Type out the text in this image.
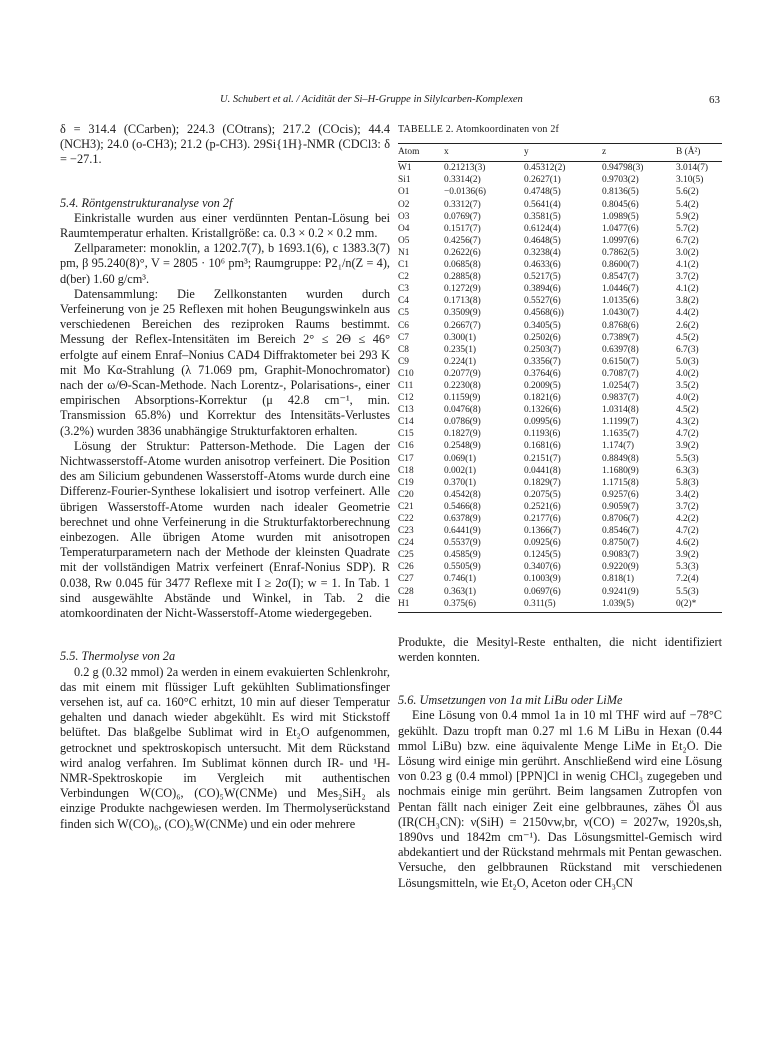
U. Schubert et al. / Acidität der Si–H-Gruppe in Silylcarben-Komplexen	63

δ = 314.4 (CCarben); 224.3 (COtrans); 217.2 (COcis); 44.4 (NCH3); 24.0 (o-CH3); 21.2 (p-CH3). 29Si{1H}-NMR (CDCl3: δ = −27.1.

5.4. Röntgenstrukturanalyse von 2f

Einkristalle wurden aus einer verdünnten Pentan-Lösung bei Raumtemperatur erhalten. Kristallgröße: ca. 0.3 × 0.2 × 0.2 mm.

Zellparameter: monoklin, a 1202.7(7), b 1693.1(6), c 1383.3(7) pm, β 95.240(8)°, V = 2805 · 10⁶ pm³; Raumgruppe: P2₁/n(Z = 4), d(ber) 1.60 g/cm³.

Datensammlung: Die Zellkonstanten wurden durch Verfeinerung von je 25 Reflexen mit hohen Beugungswinkeln aus verschiedenen Bereichen des reziproken Raums bestimmt. Messung der Reflex-Intensitäten im Bereich 2° ≤ 2Θ ≤ 46° erfolgte auf einem Enraf–Nonius CAD4 Diffraktometer bei 293 K mit Mo Kα-Strahlung (λ 71.069 pm, Graphit-Monochromator) nach der ω/Θ-Scan-Methode. Nach Lorentz-, Polarisations-, einer empirischen Absorptions-Korrektur (μ 42.8 cm⁻¹, min. Transmission 65.8%) und Korrektur des Intensitäts-Verlustes (3.2%) wurden 3836 unabhängige Strukturfaktoren erhalten.

Lösung der Struktur: Patterson-Methode. Die Lagen der Nichtwasserstoff-Atome wurden anisotrop verfeinert. Die Position des am Silicium gebundenen Wasserstoff-Atoms wurde durch eine Differenz-Fourier-Synthese lokalisiert und isotrop verfeinert. Alle übrigen Wasserstoff-Atome wurden nach idealer Geometrie berechnet und ohne Verfeinerung in die Strukturfaktorberechnung einbezogen. Alle übrigen Atome wurden mit anisotropen Temperaturparametern nach der Methode der kleinsten Quadrate mit der vollständigen Matrix verfeinert (Enraf-Nonius SDP). R 0.038, Rw 0.045 für 3477 Reflexe mit I ≥ 2σ(I); w = 1. In Tab. 1 sind ausgewählte Abstände und Winkel, in Tab. 2 die atomkoordinaten der Nicht-Wasserstoff-Atome wiedergegeben.

5.5. Thermolyse von 2a

0.2 g (0.32 mmol) 2a werden in einem evakuierten Schlenkrohr, das mit einem mit flüssiger Luft gekühlten Sublimationsfinger versehen ist, auf ca. 160°C erhitzt, 10 min auf dieser Temperatur gehalten und danach wieder abgekühlt. Es wird mit Stickstoff belüftet. Das blaßgelbe Sublimat wird in Et₂O aufgenommen, getrocknet und spektroskopisch untersucht. Mit dem Rückstand wird analog verfahren. Im Sublimat können durch IR- und ¹H-NMR-Spektroskopie im Vergleich mit authentischen Verbindungen W(CO)₆, (CO)₅W(CNMe) und Mes₂SiH₂ als einzige Produkte nachgewiesen werden. Im Thermolyserückstand finden sich W(CO)₆, (CO)₅W(CNMe) und ein oder mehrere

TABELLE 2. Atomkoordinaten von 2f
Atom	x	y	z	B (Å²)
W1	0.21213(3)	0.45312(2)	0.94798(3)	3.014(7)
Si1	0.3314(2)	0.2627(1)	0.9703(2)	3.10(5)
O1	−0.0136(6)	0.4748(5)	0.8136(5)	5.6(2)
O2	0.3312(7)	0.5641(4)	0.8045(6)	5.4(2)
O3	0.0769(7)	0.3581(5)	1.0989(5)	5.9(2)
O4	0.1517(7)	0.6124(4)	1.0477(6)	5.7(2)
O5	0.4256(7)	0.4648(5)	1.0997(6)	6.7(2)
N1	0.2622(6)	0.3238(4)	0.7862(5)	3.0(2)
C1	0.0685(8)	0.4633(6)	0.8600(7)	4.1(2)
C2	0.2885(8)	0.5217(5)	0.8547(7)	3.7(2)
C3	0.1272(9)	0.3894(6)	1.0446(7)	4.1(2)
C4	0.1713(8)	0.5527(6)	1.0135(6)	3.8(2)
C5	0.3509(9)	0.4568(6))	1.0430(7)	4.4(2)
C6	0.2667(7)	0.3405(5)	0.8768(6)	2.6(2)
C7	0.300(1)	0.2502(6)	0.7389(7)	4.5(2)
C8	0.235(1)	0.2503(7)	0.6397(8)	6.7(3)
C9	0.224(1)	0.3356(7)	0.6150(7)	5.0(3)
C10	0.2077(9)	0.3764(6)	0.7087(7)	4.0(2)
C11	0.2230(8)	0.2009(5)	1.0254(7)	3.5(2)
C12	0.1159(9)	0.1821(6)	0.9837(7)	4.0(2)
C13	0.0476(8)	0.1326(6)	1.0314(8)	4.5(2)
C14	0.0786(9)	0.0995(6)	1.1199(7)	4.3(2)
C15	0.1827(9)	0.1193(6)	1.1635(7)	4.7(2)
C16	0.2548(9)	0.1681(6)	1.174(7)	3.9(2)
C17	0.069(1)	0.2151(7)	0.8849(8)	5.5(3)
C18	0.002(1)	0.0441(8)	1.1680(9)	6.3(3)
C19	0.370(1)	0.1829(7)	1.1715(8)	5.8(3)
C20	0.4542(8)	0.2075(5)	0.9257(6)	3.4(2)
C21	0.5466(8)	0.2521(6)	0.9059(7)	3.7(2)
C22	0.6378(9)	0.2177(6)	0.8706(7)	4.2(2)
C23	0.6441(9)	0.1366(7)	0.8546(7)	4.7(2)
C24	0.5537(9)	0.0925(6)	0.8750(7)	4.6(2)
C25	0.4585(9)	0.1245(5)	0.9083(7)	3.9(2)
C26	0.5505(9)	0.3407(6)	0.9220(9)	5.3(3)
C27	0.746(1)	0.1003(9)	0.818(1)	7.2(4)
C28	0.363(1)	0.0697(6)	0.9241(9)	5.5(3)
H1	0.375(6)	0.311(5)	1.039(5)	0(2)*

Produkte, die Mesityl-Reste enthalten, die nicht identifiziert werden konnten.

5.6. Umsetzungen von 1a mit LiBu oder LiMe

Eine Lösung von 0.4 mmol 1a in 10 ml THF wird auf −78°C gekühlt. Dazu tropft man 0.27 ml 1.6 M LiBu in Hexan (0.44 mmol LiBu) bzw. eine äquivalente Menge LiMe in Et₂O. Die Lösung wird einige min gerührt. Anschließend wird eine Lösung von 0.23 g (0.4 mmol) [PPN]Cl in wenig CHCl₃ zugegeben und nochmais einige min gerührt. Beim langsamen Zutropfen von Pentan fällt nach einiger Zeit eine gelbbraunes, zähes Öl aus (IR(CH₃CN): ν(SiH) = 2150vw,br, ν(CO) = 2027w, 1920s,sh, 1890vs und 1842m cm⁻¹). Das Lösungsmittel-Gemisch wird abdekantiert und der Rückstand mehrmals mit Pentan gewaschen. Versuche, den gelbbraunen Rückstand mit verschiedenen Lösungsmitteln, wie Et₂O, Aceton oder CH₃CN
